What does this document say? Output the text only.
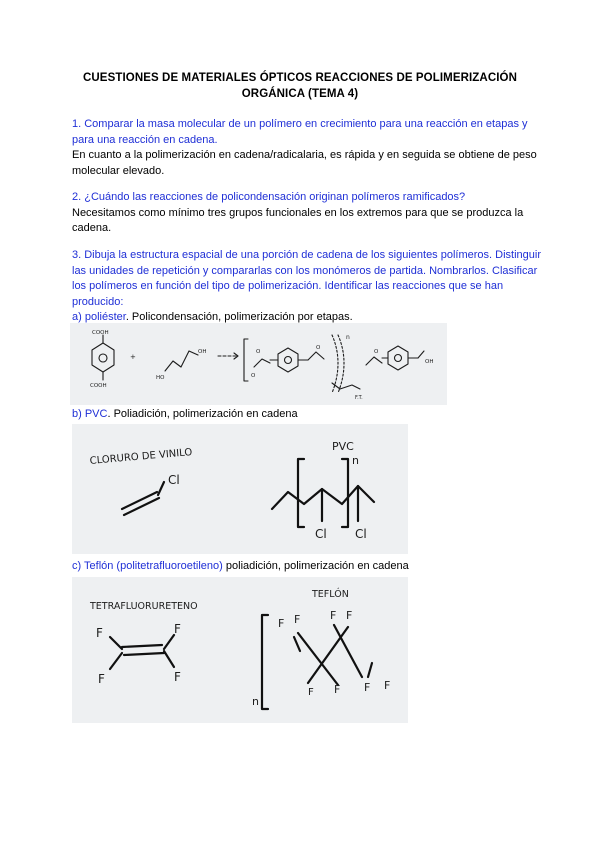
CUESTIONES DE MATERIALES ÓPTICOS REACCIONES DE POLIMERIZACIÓN
ORGÁNICA (TEMA 4)
1. Comparar la masa molecular de un polímero en crecimiento para una reacción en etapas y para una reacción en cadena.
En cuanto a la polimerización en cadena/radicalaria, es rápida y en seguida se obtiene de peso molecular elevado.
2. ¿Cuándo las reacciones de policondensación originan polímeros ramificados?
Necesitamos como mínimo tres grupos funcionales en los extremos para que se produzca la cadena.
3. Dibuja la estructura espacial de una porción de cadena de los siguientes polímeros. Distinguir las unidades de repetición y compararlas con los monómeros de partida. Nombrarlos. Clasificar los polímeros en función del tipo de polimerización. Identificar las reacciones que se han producido:
a) poliéster. Policondensación, polimerización por etapas.
COOH
COOH
+
OH
HO
O
O
O
n
F.T.
O
OH
b) PVC. Poliadición, polimerización en cadena
CLORURO DE VINILO
Cl
PVC
n
Cl Cl
c) Teflón (politetrafluoroetileno) poliadición, polimerización en cadena
TETRAFLUORURETENO
TEFLÓN
F	F
F	F
n
F F	F F
F F F F
